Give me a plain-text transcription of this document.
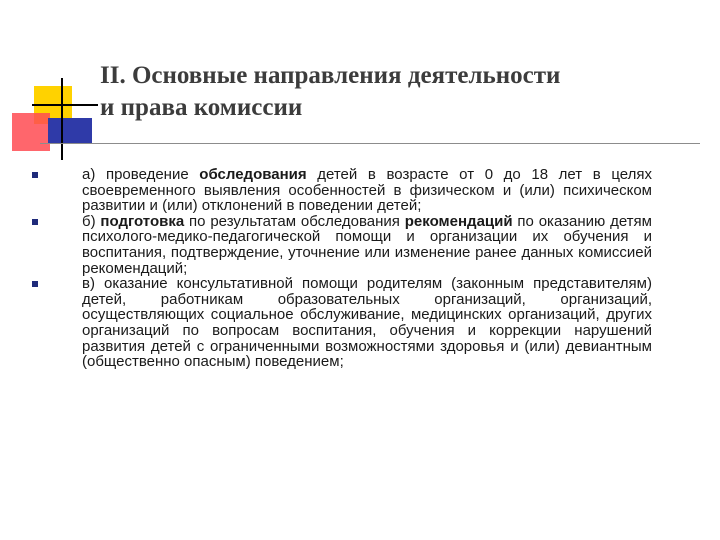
II. Основные направления деятельности
и права комиссии

а) проведение обследования детей в возрасте от 0 до 18 лет в целях своевременного выявления особенностей в физическом и (или) психическом развитии и (или) отклонений в поведении детей;

б) подготовка по результатам обследования рекомендаций по оказанию детям психолого-медико-педагогической помощи и организации их обучения и воспитания, подтверждение, уточнение или изменение ранее данных комиссией рекомендаций;

в) оказание консультативной помощи родителям (законным представителям) детей, работникам образовательных организаций, организаций, осуществляющих социальное обслуживание, медицинских организаций, других организаций по вопросам воспитания, обучения и коррекции нарушений развития детей с ограниченными возможностями здоровья и (или) девиантным (общественно опасным) поведением;
